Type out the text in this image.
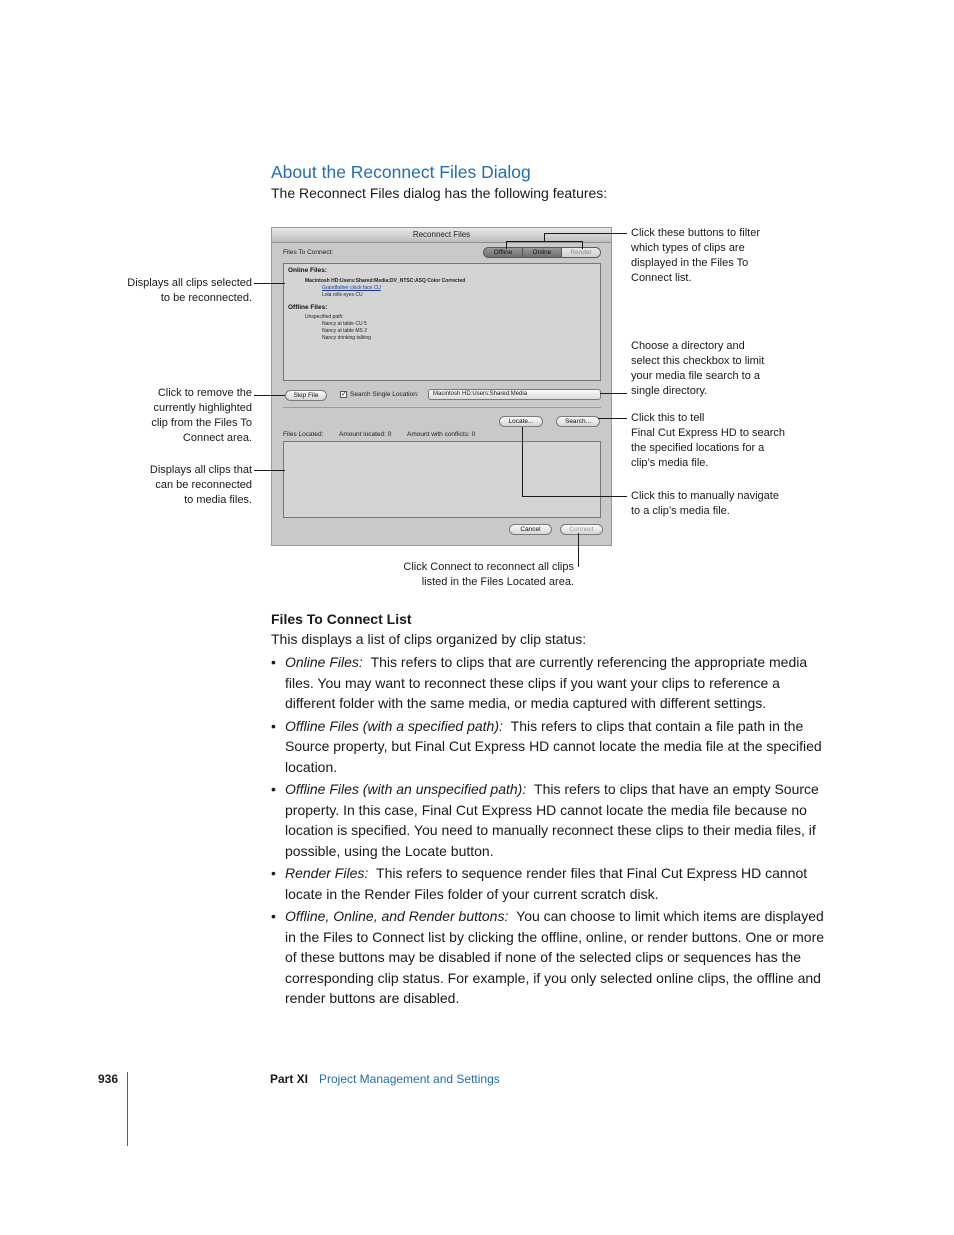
About the Reconnect Files Dialog
The Reconnect Files dialog has the following features:
Reconnect Files
Files To Connect:	Offline	Online	Render
Online Files:
Macintosh HD:Users:Shared:Media:DV_NTSC:ASQ Color Corrected
Grandfather clock face CU
Lola rolls eyes CU
Offline Files:
Unspecified path:
Nancy at table CU 5
Nancy at table MS 2
Nancy drinking talking
Skip File	✓ Search Single Location:	Macintosh HD:Users:Shared:Media
Locate...	Search...
Files Located: Amount located: 0 Amount with conflicts: 0
Cancel	Connect
Click these buttons to filter
which types of clips are
displayed in the Files To
Connect list.
Displays all clips selected
to be reconnected.
Choose a directory and
select this checkbox to limit
your media file search to a
single directory.
Click to remove the
currently highlighted
clip from the Files To
Connect area.
Click this to tell
Final Cut Express HD to search
the specified locations for a
clip’s media file.
Displays all clips that
can be reconnected
to media files.	Click this to manually navigate
to a clip’s media file.
Click Connect to reconnect all clips
listed in the Files Located area.
Files To Connect List
This displays a list of clips organized by clip status:
• Online Files: This refers to clips that are currently referencing the appropriate media files. You may want to reconnect these clips if you want your clips to reference a different folder with the same media, or media captured with different settings.
• Offline Files (with a specified path): This refers to clips that contain a file path in the Source property, but Final Cut Express HD cannot locate the media file at the specified location.
• Offline Files (with an unspecified path): This refers to clips that have an empty Source property. In this case, Final Cut Express HD cannot locate the media file because no location is specified. You need to manually reconnect these clips to their media files, if possible, using the Locate button.
• Render Files: This refers to sequence render files that Final Cut Express HD cannot locate in the Render Files folder of your current scratch disk.
• Offline, Online, and Render buttons: You can choose to limit which items are displayed in the Files to Connect list by clicking the offline, online, or render buttons. One or more of these buttons may be disabled if none of the selected clips or sequences has the corresponding clip status. For example, if you only selected online clips, the offline and render buttons are disabled.
936	Part XI Project Management and Settings
